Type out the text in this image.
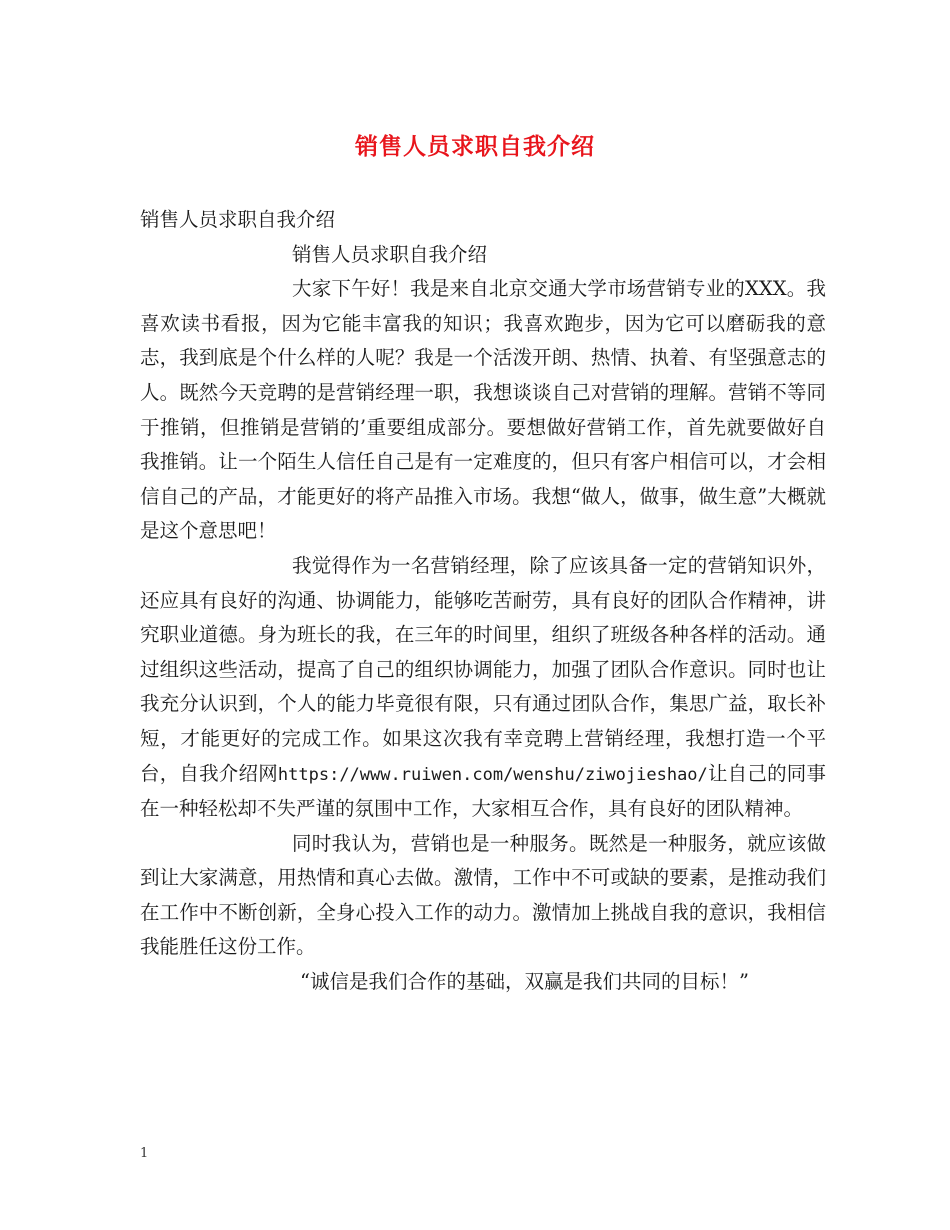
销售人员求职自我介绍

销售人员求职自我介绍

销售人员求职自我介绍

大家下午好！我是来自北京交通大学市场营销专业的XXX。我喜欢读书看报，因为它能丰富我的知识；我喜欢跑步，因为它可以磨砺我的意志，我到底是个什么样的人呢？我是一个活泼开朗、热情、执着、有坚强意志的人。既然今天竞聘的是营销经理一职，我想谈谈自己对营销的理解。营销不等同于推销，但推销是营销的’重要组成部分。要想做好营销工作，首先就要做好自我推销。让一个陌生人信任自己是有一定难度的，但只有客户相信可以，才会相信自己的产品，才能更好的将产品推入市场。我想“做人，做事，做生意”大概就是这个意思吧！

我觉得作为一名营销经理，除了应该具备一定的营销知识外，还应具有良好的沟通、协调能力，能够吃苦耐劳，具有良好的团队合作精神，讲究职业道德。身为班长的我，在三年的时间里，组织了班级各种各样的活动。通过组织这些活动，提高了自己的组织协调能力，加强了团队合作意识。同时也让我充分认识到，个人的能力毕竟很有限，只有通过团队合作，集思广益，取长补短，才能更好的完成工作。如果这次我有幸竞聘上营销经理，我想打造一个平台，自我介绍网https://www.ruiwen.com/wenshu/ziwojieshao/让自己的同事在一种轻松却不失严谨的氛围中工作，大家相互合作，具有良好的团队精神。

同时我认为，营销也是一种服务。既然是一种服务，就应该做到让大家满意，用热情和真心去做。激情，工作中不可或缺的要素，是推动我们在工作中不断创新，全身心投入工作的动力。激情加上挑战自我的意识，我相信我能胜任这份工作。

“诚信是我们合作的基础，双赢是我们共同的目标！”

1
